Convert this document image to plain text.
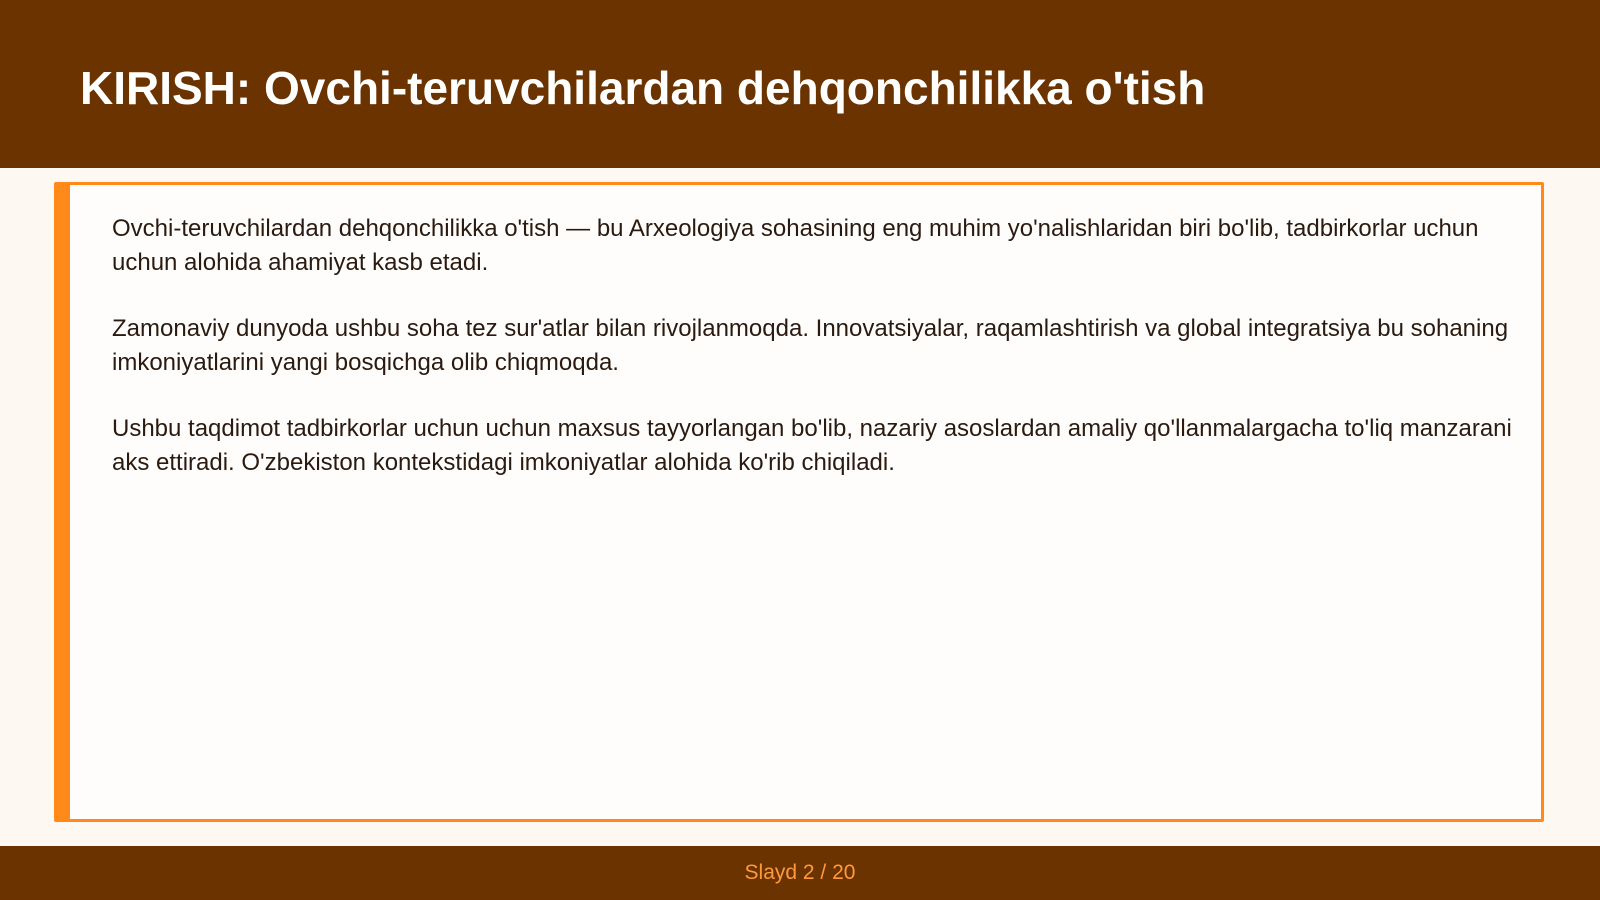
KIRISH: Ovchi-teruvchilardan dehqonchilikka o'tish

Ovchi-teruvchilardan dehqonchilikka o'tish — bu Arxeologiya sohasining eng muhim yo'nalishlaridan biri bo'lib, tadbirkorlar uchun uchun alohida ahamiyat kasb etadi.

Zamonaviy dunyoda ushbu soha tez sur'atlar bilan rivojlanmoqda. Innovatsiyalar, raqamlashtirish va global integratsiya bu sohaning imkoniyatlarini yangi bosqichga olib chiqmoqda.

Ushbu taqdimot tadbirkorlar uchun uchun maxsus tayyorlangan bo'lib, nazariy asoslardan amaliy qo'llanmalargacha to'liq manzarani aks ettiradi. O'zbekiston kontekstidagi imkoniyatlar alohida ko'rib chiqiladi.

Slayd 2 / 20
